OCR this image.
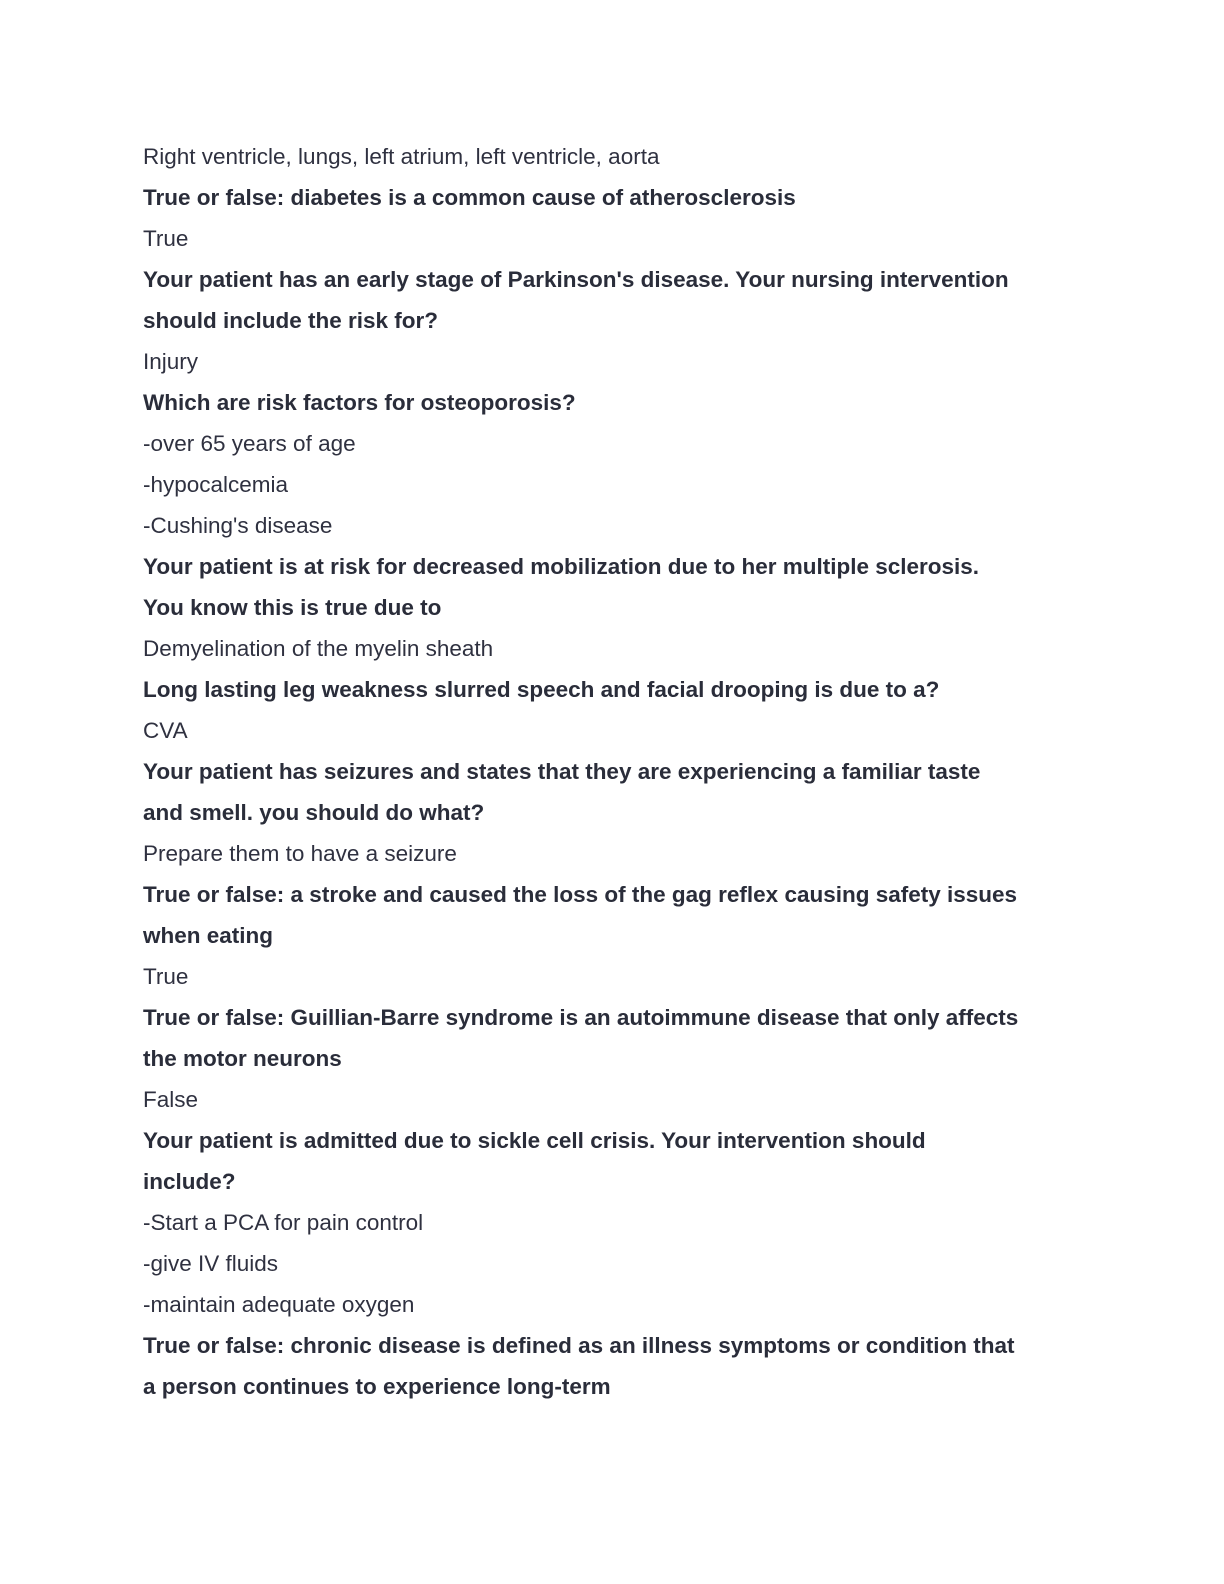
Right ventricle, lungs, left atrium, left ventricle, aorta
True or false: diabetes is a common cause of atherosclerosis
True
Your patient has an early stage of Parkinson's disease. Your nursing intervention
should include the risk for?
Injury
Which are risk factors for osteoporosis?
-over 65 years of age
-hypocalcemia
-Cushing's disease
Your patient is at risk for decreased mobilization due to her multiple sclerosis.
You know this is true due to
Demyelination of the myelin sheath
Long lasting leg weakness slurred speech and facial drooping is due to a?
CVA
Your patient has seizures and states that they are experiencing a familiar taste
and smell. you should do what?
Prepare them to have a seizure
True or false: a stroke and caused the loss of the gag reflex causing safety issues
when eating
True
True or false: Guillian-Barre syndrome is an autoimmune disease that only affects
the motor neurons
False
Your patient is admitted due to sickle cell crisis. Your intervention should
include?
-Start a PCA for pain control
-give IV fluids
-maintain adequate oxygen
True or false: chronic disease is defined as an illness symptoms or condition that
a person continues to experience long-term
